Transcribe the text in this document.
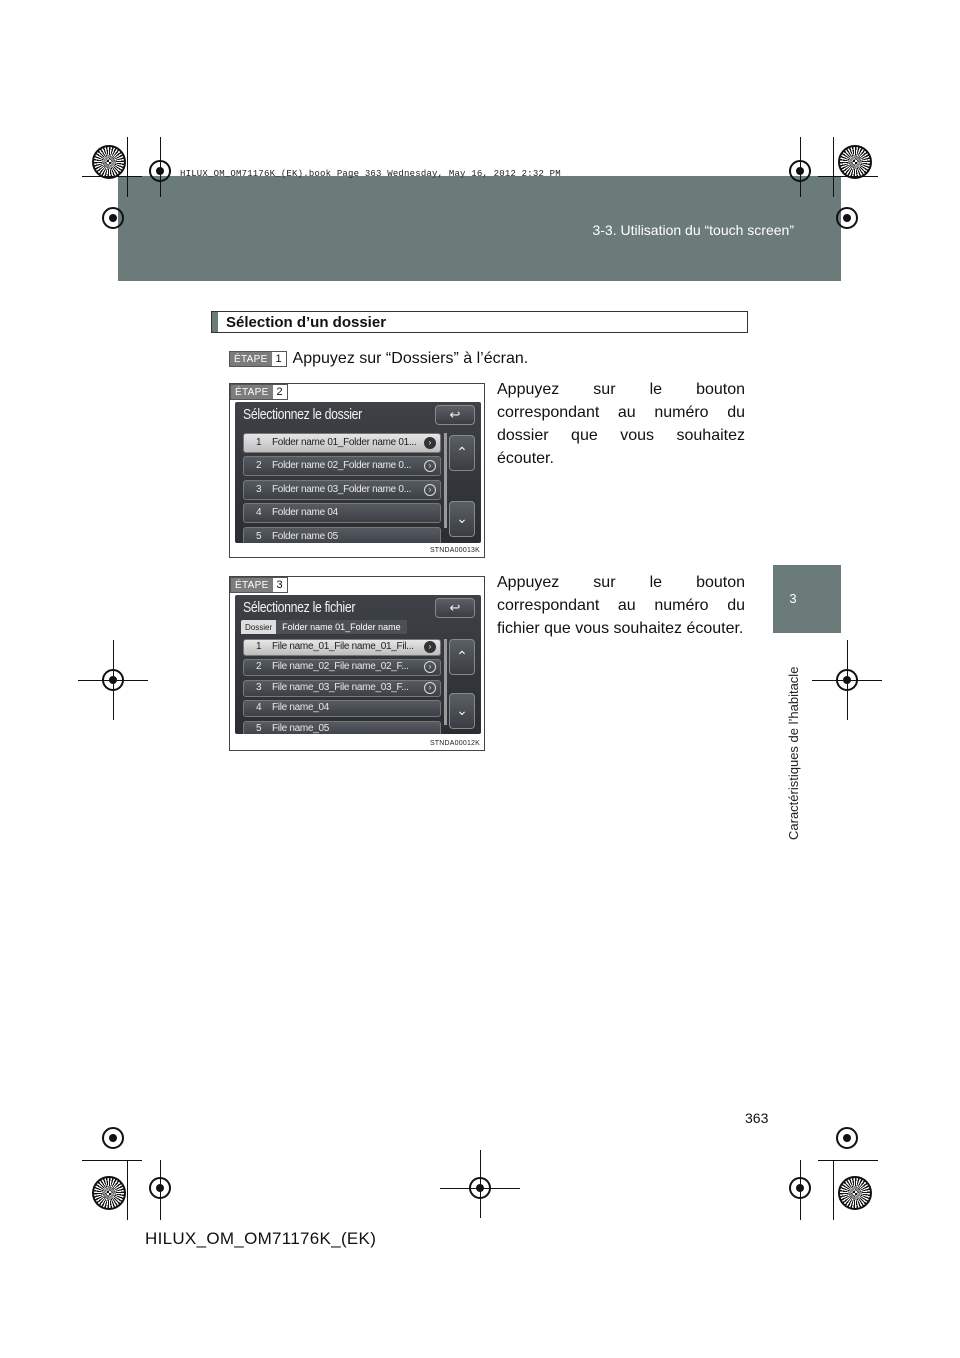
HILUX_OM_OM71176K_(EK).book Page 363 Wednesday, May 16, 2012 2:32 PM
3-3. Utilisation du “touch screen”
3
Caractéristiques de l’habitacle
Sélection d’un dossier
ÉTAPE 1 Appuyez sur “Dossiers” à l’écran.
ÉTAPE 2
Sélectionnez le dossier	↩
1 Folder name 01_Folder name 01...	›
2 Folder name 02_Folder name 0...	›
3 Folder name 03_Folder name 0...	›
4 Folder name 04
5 Folder name 05
⌃
⌄
STNDA00013K
Appuyez sur le bouton correspondant au numéro du dossier que vous souhaitez écouter.
ÉTAPE 3
Sélectionnez le fichier	↩
Dossier	Folder name 01_Folder name
1 File name_01_File name_01_Fil...	›
2 File name_02_File name_02_F...	›
3 File name_03_File name_03_F...	›
4 File name_04
5 File name_05
⌃
⌄
STNDA00012K
Appuyez sur le bouton correspondant au numéro du fichier que vous souhaitez écouter.
363
HILUX_OM_OM71176K_(EK)
